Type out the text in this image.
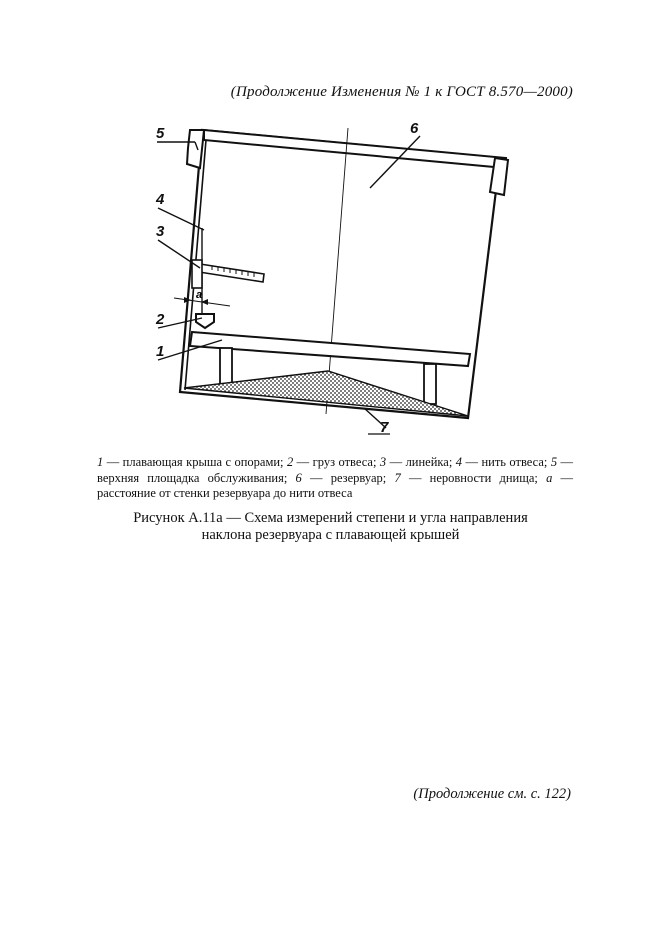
(Продолжение Изменения № 1 к ГОСТ 8.570—2000)
a
5
4
3
2
1
6
7
1 — плавающая крыша с опорами; 2 — груз отвеса; 3 — линейка; 4 — нить отвеса; 5 — верхняя площадка обслуживания; 6 — резервуар; 7 — неровности днища; a — расстояние от стенки резервуара до нити отвеса
Рисунок А.11а — Схема измерений степени и угла направления
наклона резервуара с плавающей крышей
(Продолжение см. с. 122)
